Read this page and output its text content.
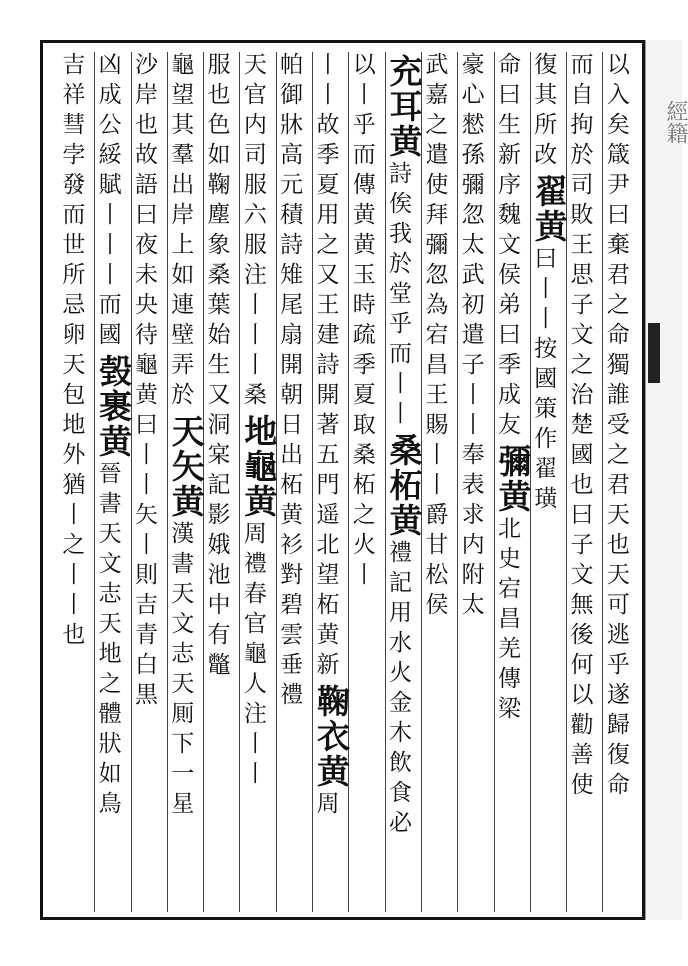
經籍
以入矣箴尹曰棄君之命獨誰受之君天也天可逃乎遂歸復命
而自拘於司敗王思子文之治楚國也曰子文無後何以勸善使
復其所改
翟黄
曰丨丨按國策作翟璜
命曰生
新序魏文侯弟曰季成友
彌黄
北史宕昌羌傳梁
豪心憖孫彌忽太武初遣子丨丨奉表求内附太
武嘉之遣使拜彌忽為宕昌王賜丨丨爵甘松侯
充耳黄
詩俟我於堂乎而丨丨
桑柘黄
禮記用水火金木飲食必
以丨乎而傳黄黄玉
時疏季夏取桑柘之火丨
丨丨故季夏用之又王建詩開著五門遥北望柘黄新
鞠衣黄
周
帕御牀高元積詩雉尾扇開朝日出柘黄衫對碧雲垂
禮
天官内司服六服注丨丨丨桑
地龜黄
周禮春官龜人注丨丨
服也色如鞠塵象桑葉始生
又洞宲記影娥池中有鼈
龜望其羣出岸上如連壁弄於
天矢黄
漢書天文志天厠下一星
沙岸也故語曰夜未央待龜黄
曰丨丨矢丨則吉青白黒
凶成公綏賦丨丨丨而國
㲄裹黄
晉書天文志天地之體狀如鳥
吉祥彗孛發而世所忌
卵天包地外猶丨之丨丨也
